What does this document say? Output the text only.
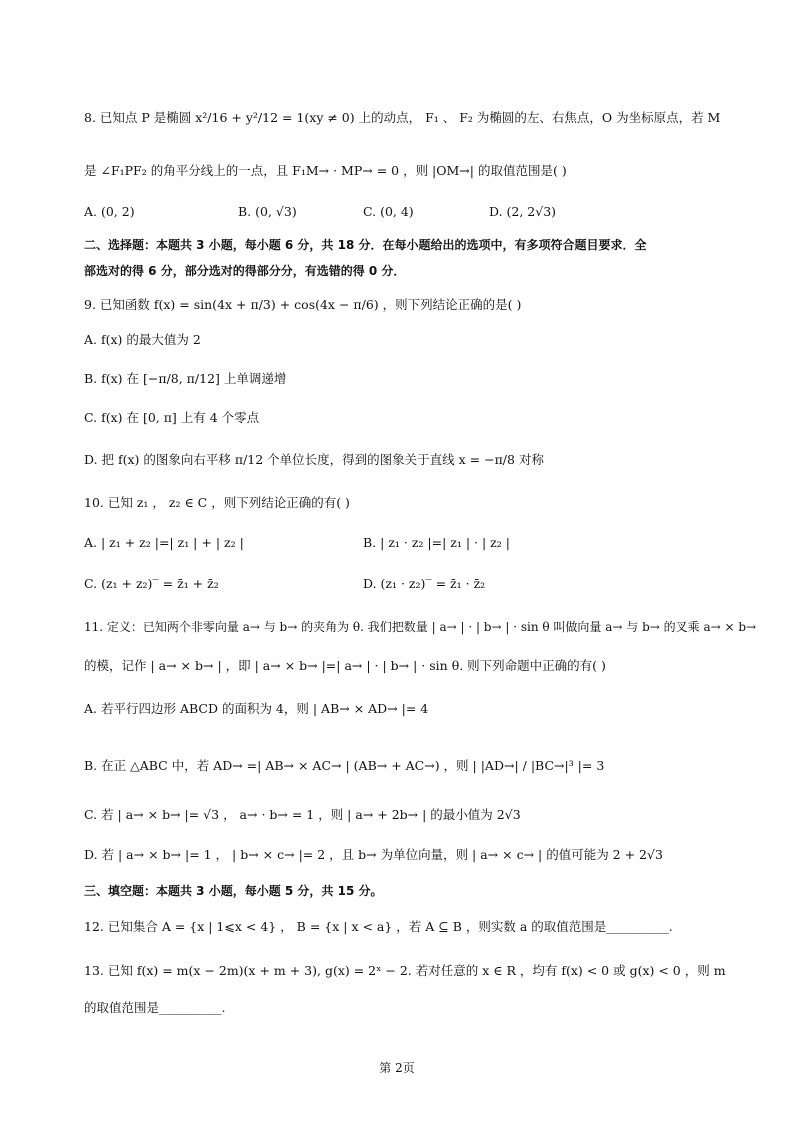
8. 已知点 P 是椭圆 x²/16 + y²/12 = 1(xy ≠ 0) 上的动点， F₁ 、 F₂ 为椭圆的左、右焦点，O 为坐标原点，若 M
是 ∠F₁PF₂ 的角平分线上的一点，且 F₁M→ · MP→ = 0 ，则 |OM→| 的取值范围是( )
A. (0, 2)	B. (0, √3)	C. (0, 4)	D. (2, 2√3)
二、选择题：本题共 3 小题，每小题 6 分，共 18 分．在每小题给出的选项中，有多项符合题目要求．全
部选对的得 6 分，部分选对的得部分分，有选错的得 0 分．
9. 已知函数 f(x) = sin(4x + π/3) + cos(4x − π/6) ，则下列结论正确的是( )
A. f(x) 的最大值为 2
B. f(x) 在 [−π/8, π/12] 上单调递增
C. f(x) 在 [0, π] 上有 4 个零点
D. 把 f(x) 的图象向右平移 π/12 个单位长度，得到的图象关于直线 x = −π/8 对称
10. 已知 z₁ ， z₂ ∈ C ，则下列结论正确的有( )
A. | z₁ + z₂ |=| z₁ | + | z₂ |	B. | z₁ · z₂ |=| z₁ | · | z₂ |
C. (z₁ + z₂)‾ = z̄₁ + z̄₂	D. (z₁ · z₂)‾ = z̄₁ · z̄₂
11. 定义：已知两个非零向量 a→ 与 b→ 的夹角为 θ. 我们把数量 | a→ | · | b→ | · sin θ 叫做向量 a→ 与 b→ 的叉乘 a→ × b→
的模，记作 | a→ × b→ | ，即 | a→ × b→ |=| a→ | · | b→ | · sin θ. 则下列命题中正确的有( )
A. 若平行四边形 ABCD 的面积为 4，则 | AB→ × AD→ |= 4
B. 在正 △ABC 中，若 AD→ =| AB→ × AC→ | (AB→ + AC→) ，则 | |AD→| / |BC→|³ |= 3
C. 若 | a→ × b→ |= √3 ， a→ · b→ = 1 ，则 | a→ + 2b→ | 的最小值为 2√3
D. 若 | a→ × b→ |= 1 ， | b→ × c→ |= 2 ，且 b→ 为单位向量，则 | a→ × c→ | 的值可能为 2 + 2√3
三、填空题：本题共 3 小题，每小题 5 分，共 15 分。
12. 已知集合 A = {x | 1⩽x < 4} ， B = {x | x < a} ，若 A ⊆ B ，则实数 a 的取值范围是__________.
13. 已知 f(x) = m(x − 2m)(x + m + 3), g(x) = 2ˣ − 2. 若对任意的 x ∈ R ，均有 f(x) < 0 或 g(x) < 0 ，则 m
的取值范围是__________.
第 2页
